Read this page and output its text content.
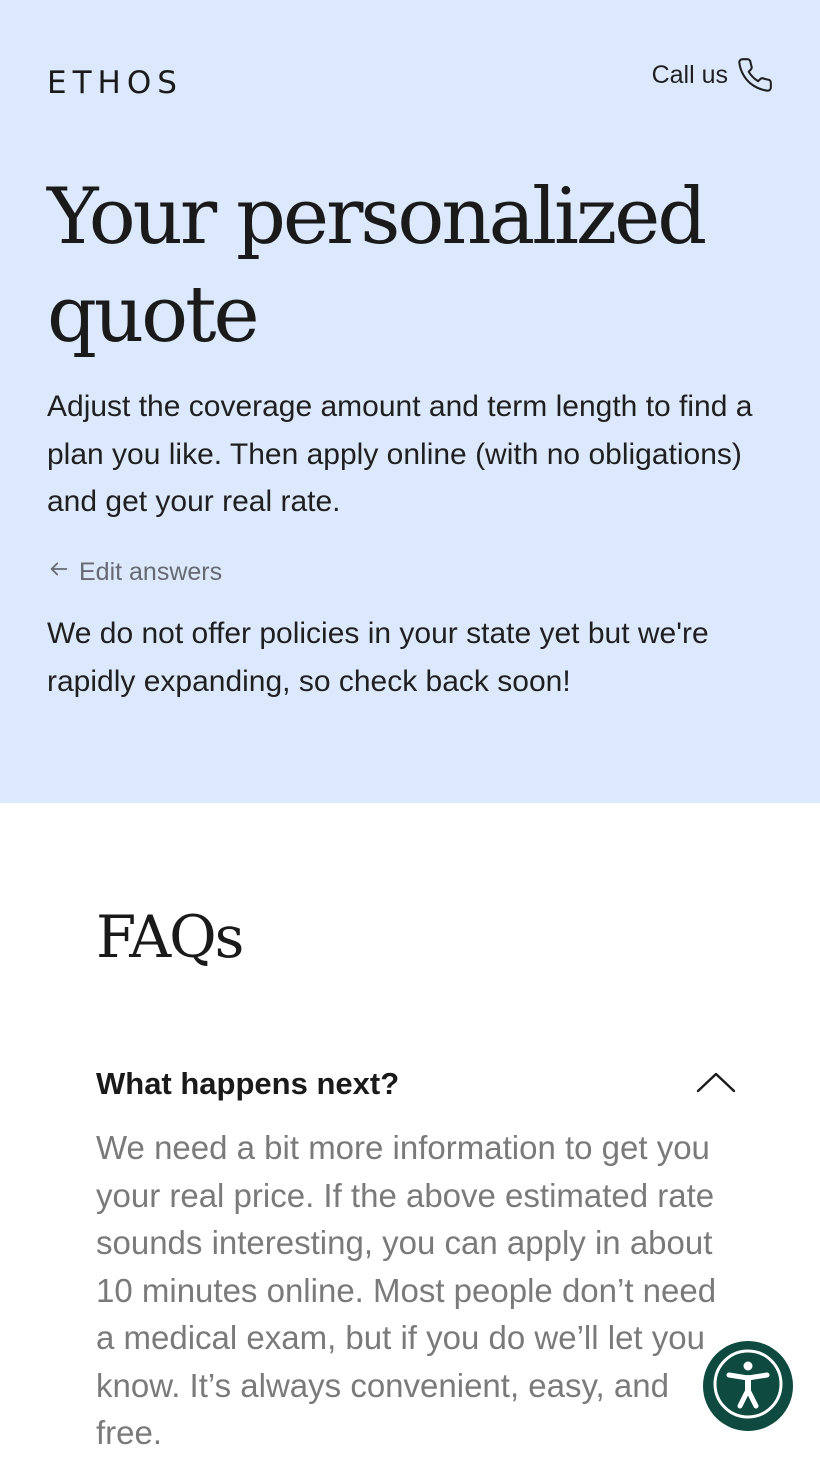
ETHOS	Call us
Your personalized quote

Adjust the coverage amount and term length to find a plan you like. Then apply online (with no obligations) and get your real rate.

Edit answers

We do not offer policies in your state yet but we're rapidly expanding, so check back soon!

FAQs
What happens next?

We need a bit more information to get you your real price. If the above estimated rate sounds interesting, you can apply in about 10 minutes online. Most people don’t need a medical exam, but if you do we’ll let you know. It’s always convenient, easy, and free.
